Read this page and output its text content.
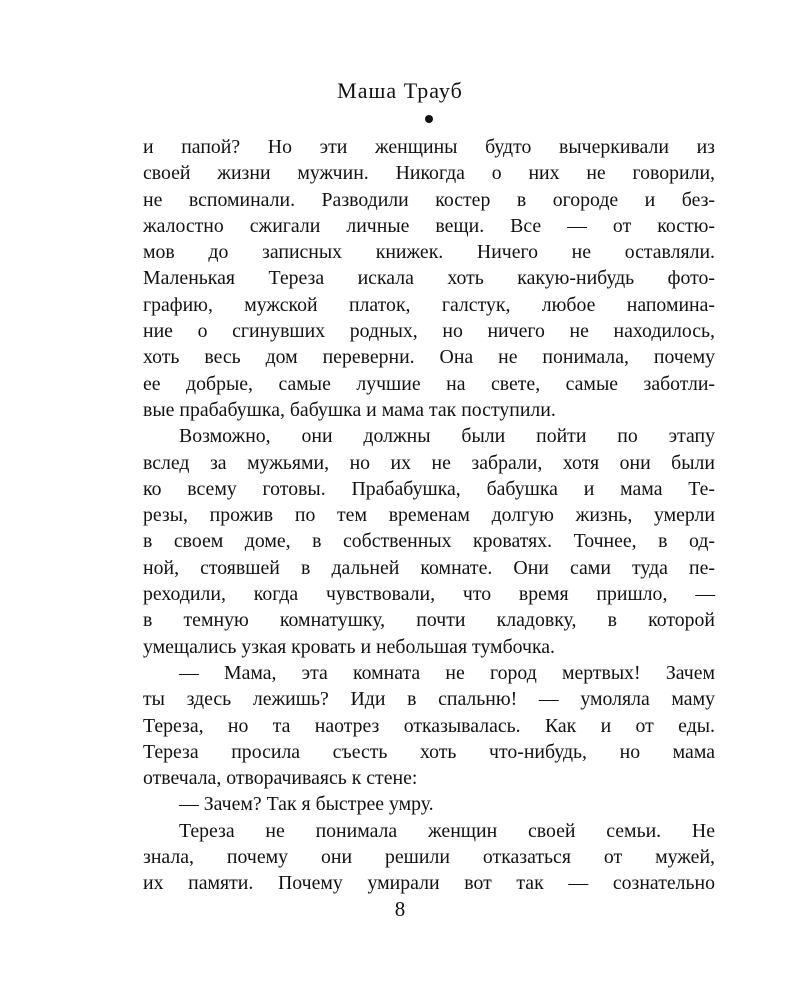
Маша Трауб
и папой? Но эти женщины будто вычеркивали из
своей жизни мужчин. Никогда о них не говорили,
не вспоминали. Разводили костер в огороде и без-
жалостно сжигали личные вещи. Все — от костю-
мов до записных книжек. Ничего не оставляли.
Маленькая Тереза искала хоть какую-нибудь фото-
графию, мужской платок, галстук, любое напомина-
ние о сгинувших родных, но ничего не находилось,
хоть весь дом переверни. Она не понимала, почему
ее добрые, самые лучшие на свете, самые заботли-
вые прабабушка, бабушка и мама так поступили.
Возможно, они должны были пойти по этапу
вслед за мужьями, но их не забрали, хотя они были
ко всему готовы. Прабабушка, бабушка и мама Те-
резы, прожив по тем временам долгую жизнь, умерли
в своем доме, в собственных кроватях. Точнее, в од-
ной, стоявшей в дальней комнате. Они сами туда пе-
реходили, когда чувствовали, что время пришло, —
в темную комнатушку, почти кладовку, в которой
умещались узкая кровать и небольшая тумбочка.
— Мама, эта комната не город мертвых! Зачем
ты здесь лежишь? Иди в спальню! — умоляла маму
Тереза, но та наотрез отказывалась. Как и от еды.
Тереза просила съесть хоть что-нибудь, но мама
отвечала, отворачиваясь к стене:
— Зачем? Так я быстрее умру.
Тереза не понимала женщин своей семьи. Не
знала, почему они решили отказаться от мужей,
их памяти. Почему умирали вот так — сознательно
8
